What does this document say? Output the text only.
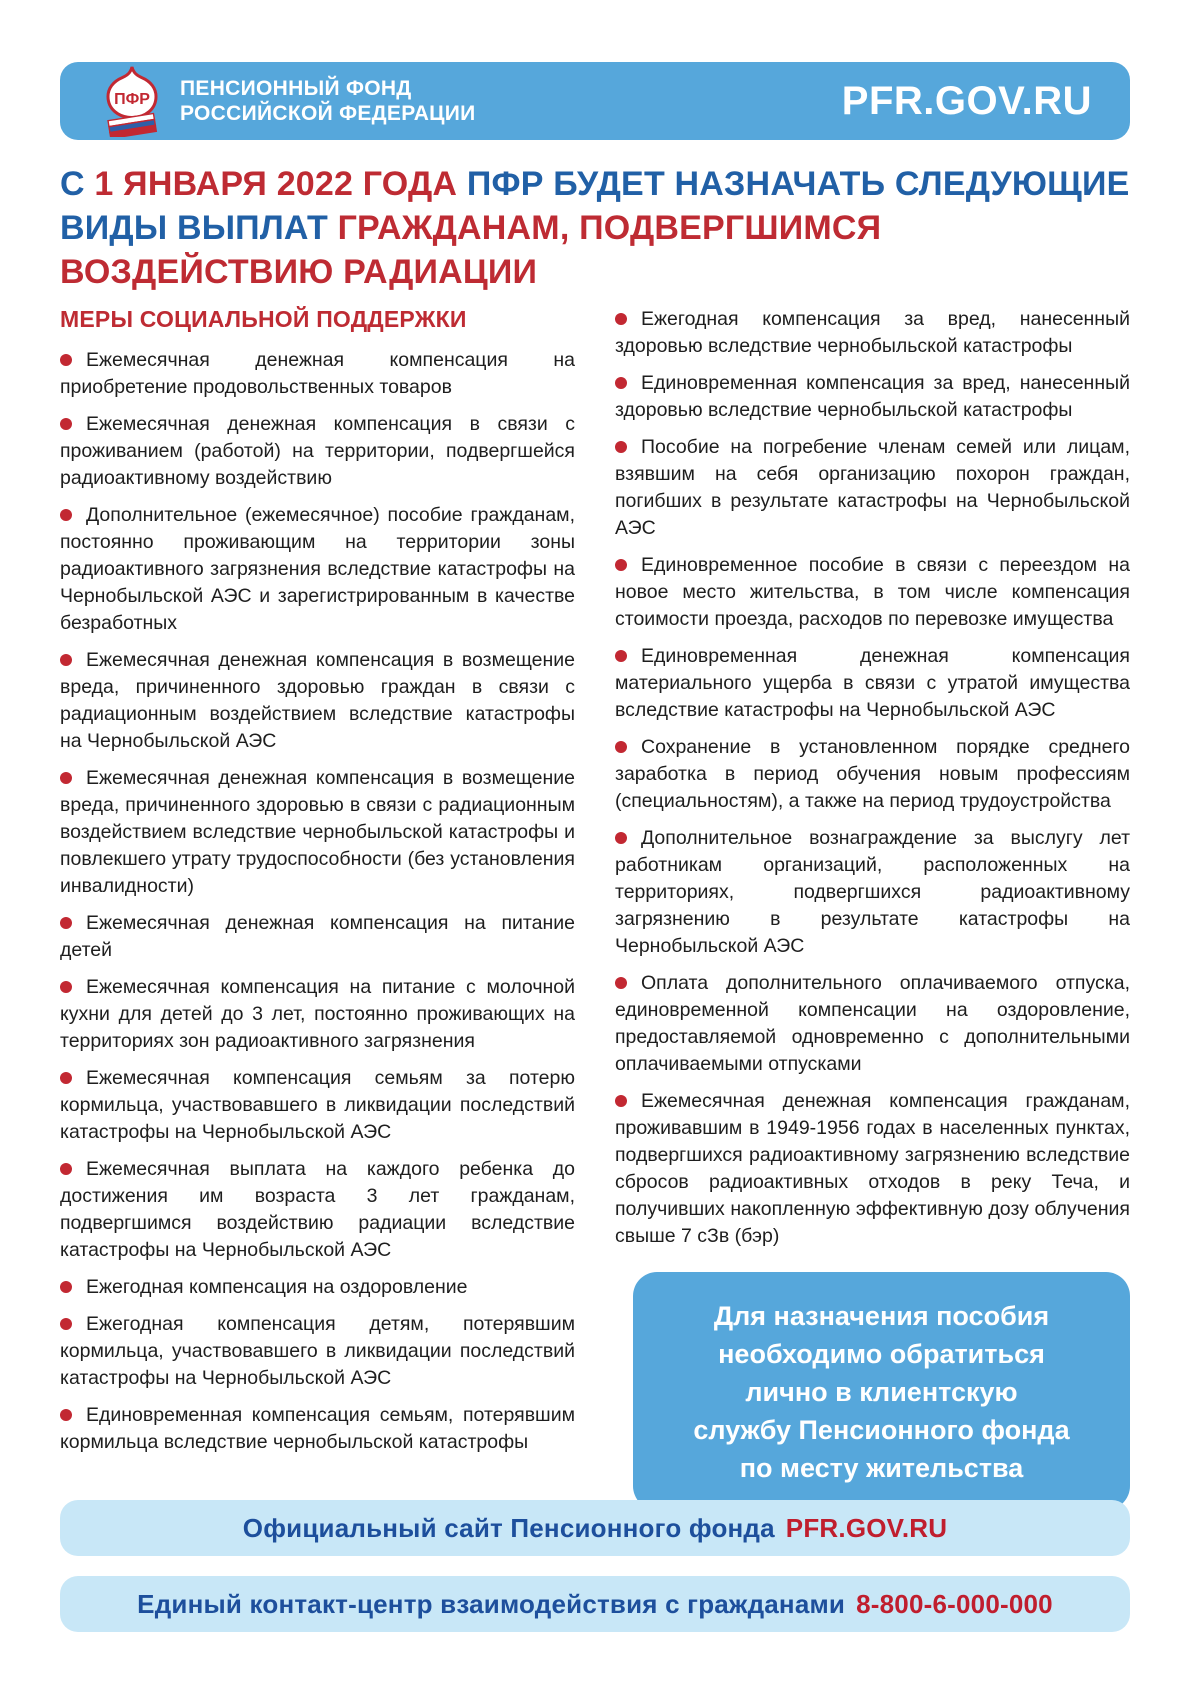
ПФР ПЕНСИОННЫЙ ФОНД
РОССИЙСКОЙ ФЕДЕРАЦИИ	PFR.GOV.RU
С 1 ЯНВАРЯ 2022 ГОДА ПФР БУДЕТ НАЗНАЧАТЬ СЛЕДУЮЩИЕ ВИДЫ ВЫПЛАТ ГРАЖДАНАМ, ПОДВЕРГШИМСЯ ВОЗДЕЙСТВИЮ РАДИАЦИИ
МЕРЫ СОЦИАЛЬНОЙ ПОДДЕРЖКИ

Ежемесячная денежная компенсация на приобретение продовольственных товаров

Ежемесячная денежная компенсация в связи с проживанием (работой) на территории, подвергшейся радиоактивному воздействию

Дополнительное (ежемесячное) пособие гражданам, постоянно проживающим на территории зоны радиоактивного загрязнения вследствие катастрофы на Чернобыльской АЭС и зарегистрированным в качестве безработных

Ежемесячная денежная компенсация в возмещение вреда, причиненного здоровью граждан в связи с радиационным воздействием вследствие катастрофы на Чернобыльской АЭС

Ежемесячная денежная компенсация в возмещение вреда, причиненного здоровью в связи с радиационным воздействием вследствие чернобыльской катастрофы и повлекшего утрату трудоспособности (без установления инвалидности)

Ежемесячная денежная компенсация на питание детей

Ежемесячная компенсация на питание с молочной кухни для детей до 3 лет, постоянно проживающих на территориях зон радиоактивного загрязнения

Ежемесячная компенсация семьям за потерю кормильца, участвовавшего в ликвидации последствий катастрофы на Чернобыльской АЭС

Ежемесячная выплата на каждого ребенка до достижения им возраста 3 лет гражданам, подвергшимся воздействию радиации вследствие катастрофы на Чернобыльской АЭС

Ежегодная компенсация на оздоровление

Ежегодная компенсация детям, потерявшим кормильца, участвовавшего в ликвидации последствий катастрофы на Чернобыльской АЭС

Единовременная компенсация семьям, потерявшим кормильца вследствие чернобыльской катастрофы

Ежегодная компенсация за вред, нанесенный здоровью вследствие чернобыльской катастрофы

Единовременная компенсация за вред, нанесенный здоровью вследствие чернобыльской катастрофы

Пособие на погребение членам семей или лицам, взявшим на себя организацию похорон граждан, погибших в результате катастрофы на Чернобыльской АЭС

Единовременное пособие в связи с переездом на новое место жительства, в том числе компенсация стоимости проезда, расходов по перевозке имущества

Единовременная денежная компенсация материального ущерба в связи с утратой имущества вследствие катастрофы на Чернобыльской АЭС

Сохранение в установленном порядке среднего заработка в период обучения новым профессиям (специальностям), а также на период трудоустройства

Дополнительное вознаграждение за выслугу лет работникам организаций, расположенных на территориях, подвергшихся радиоактивному загрязнению в результате катастрофы на Чернобыльской АЭС

Оплата дополнительного оплачиваемого отпуска, единовременной компенсации на оздоровление, предоставляемой одновременно с дополнительными оплачиваемыми отпусками

Ежемесячная денежная компенсация гражданам, проживавшим в 1949-1956 годах в населенных пунктах, подвергшихся радиоактивному загрязнению вследствие сбросов радиоактивных отходов в реку Теча, и получивших накопленную эффективную дозу облучения свыше 7 сЗв (бэр)

Для назначения пособия
необходимо обратиться
лично в клиентскую
службу Пенсионного фонда
по месту жительства
Официальный сайт Пенсионного фонда PFR.GOV.RU
Единый контакт-центр взаимодействия с гражданами 8-800-6-000-000
